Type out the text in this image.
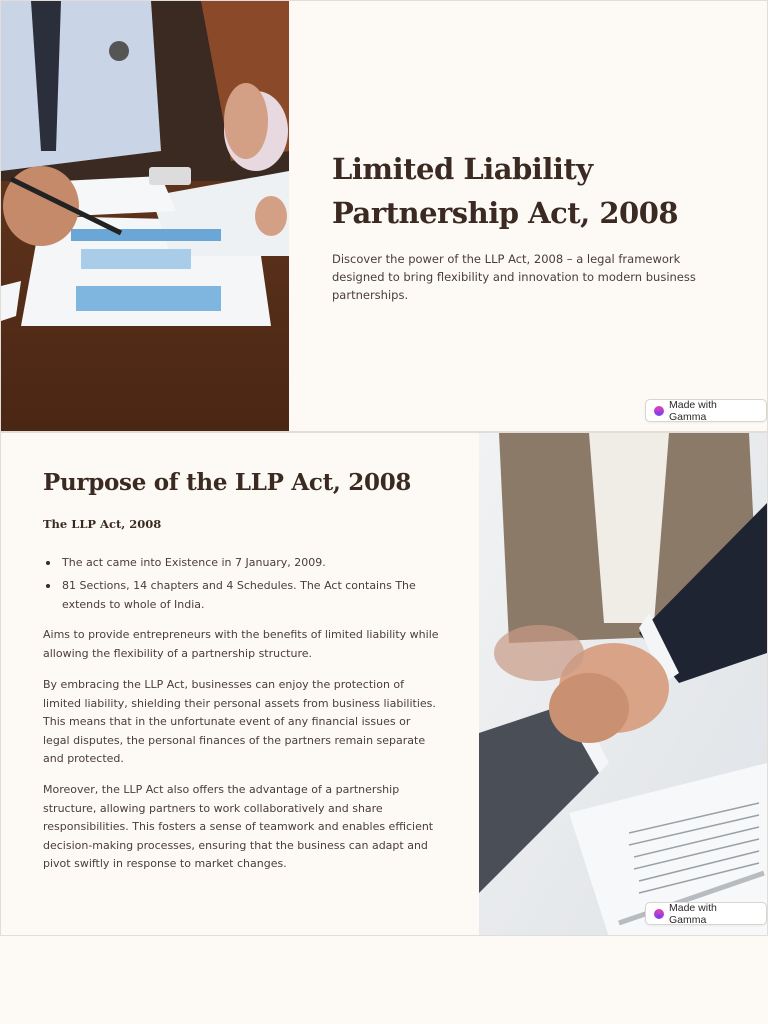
Limited Liability
Partnership Act, 2008

Discover the power of the LLP Act, 2008 – a legal framework designed to bring flexibility and innovation to modern business partnerships.

Made with Gamma
Purpose of the LLP Act, 2008
The LLP Act, 2008
The act came into Existence in 7 January, 2009.
81 Sections, 14 chapters and 4 Schedules. The Act contains The extends to whole of India.

Aims to provide entrepreneurs with the benefits of limited liability while allowing the flexibility of a partnership structure.

By embracing the LLP Act, businesses can enjoy the protection of limited liability, shielding their personal assets from business liabilities. This means that in the unfortunate event of any financial issues or legal disputes, the personal finances of the partners remain separate and protected.

Moreover, the LLP Act also offers the advantage of a partnership structure, allowing partners to work collaboratively and share responsibilities. This fosters a sense of teamwork and enables efficient decision-making processes, ensuring that the business can adapt and pivot swiftly in response to market changes.

Made with Gamma
